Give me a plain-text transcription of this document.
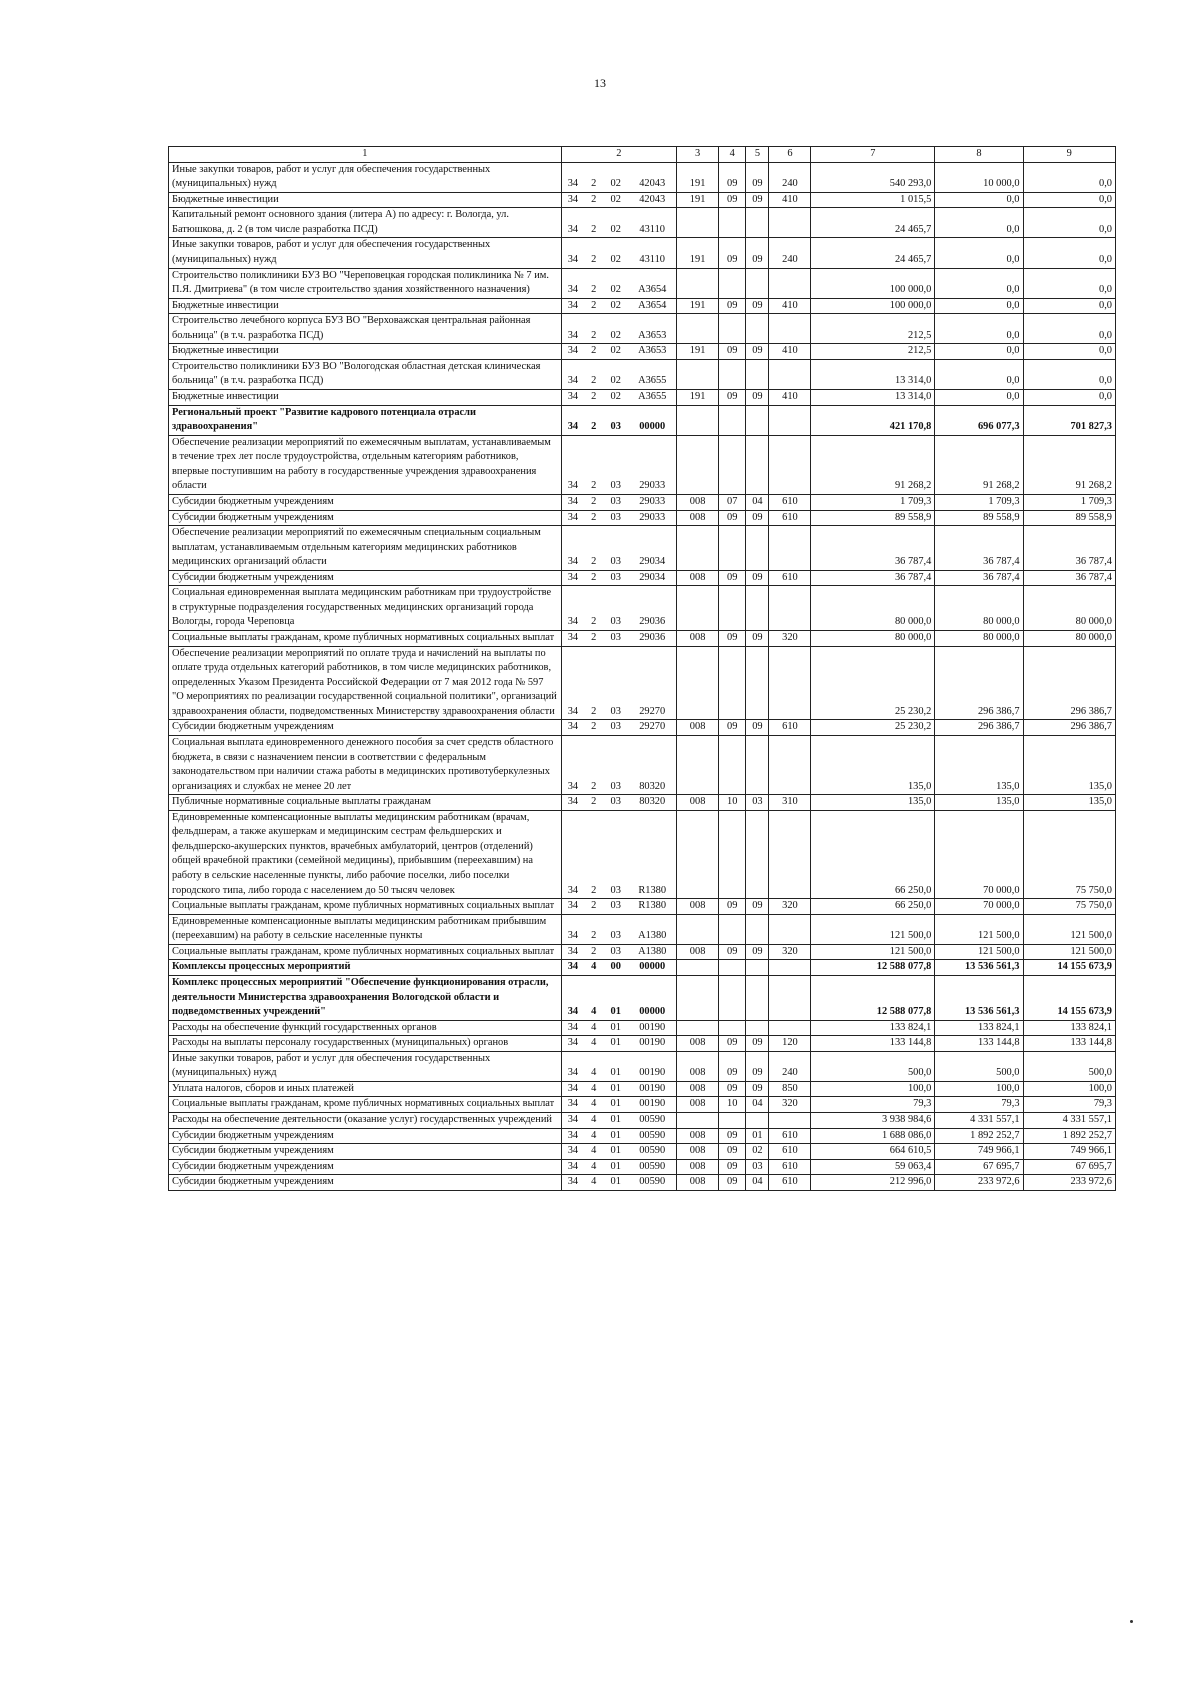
13
1	2				3	4	5	6	7	8	9
Иные закупки товаров, работ и услуг для обеспечения государственных (муниципальных) нужд	34	2	02	42043	191	09	09	240	540 293,0	10 000,0	0,0
Бюджетные инвестиции	34	2	02	42043	191	09	09	410	1 015,5	0,0	0,0
Капитальный ремонт основного здания (литера А) по адресу: г. Вологда, ул. Батюшкова, д. 2 (в том числе разработка ПСД)	34	2	02	43110					24 465,7	0,0	0,0
Иные закупки товаров, работ и услуг для обеспечения государственных (муниципальных) нужд	34	2	02	43110	191	09	09	240	24 465,7	0,0	0,0
Строительство поликлиники БУЗ ВО "Череповецкая городская поликлиника № 7 им. П.Я. Дмитриева" (в том числе строительство здания хозяйственного назначения)	34	2	02	А3654					100 000,0	0,0	0,0
Бюджетные инвестиции	34	2	02	А3654	191	09	09	410	100 000,0	0,0	0,0
Строительство лечебного корпуса БУЗ ВО "Верховажская центральная районная больница" (в т.ч. разработка ПСД)	34	2	02	А3653					212,5	0,0	0,0
Бюджетные инвестиции	34	2	02	А3653	191	09	09	410	212,5	0,0	0,0
Строительство поликлиники БУЗ ВО "Вологодская областная детская клиническая больница" (в т.ч. разработка ПСД)	34	2	02	А3655					13 314,0	0,0	0,0
Бюджетные инвестиции	34	2	02	А3655	191	09	09	410	13 314,0	0,0	0,0
Региональный проект "Развитие кадрового потенциала отрасли здравоохранения"	34	2	03	00000					421 170,8	696 077,3	701 827,3
Обеспечение реализации мероприятий по ежемесячным выплатам, устанавливаемым в течение трех лет после трудоустройства, отдельным категориям работников, впервые поступившим на работу в государственные учреждения здравоохранения области	34	2	03	29033					91 268,2	91 268,2	91 268,2
Субсидии бюджетным учреждениям	34	2	03	29033	008	07	04	610	1 709,3	1 709,3	1 709,3
Субсидии бюджетным учреждениям	34	2	03	29033	008	09	09	610	89 558,9	89 558,9	89 558,9
Обеспечение реализации мероприятий по ежемесячным специальным социальным выплатам, устанавливаемым отдельным категориям медицинских работников медицинских организаций области	34	2	03	29034					36 787,4	36 787,4	36 787,4
Субсидии бюджетным учреждениям	34	2	03	29034	008	09	09	610	36 787,4	36 787,4	36 787,4
Социальная единовременная выплата медицинским работникам при трудоустройстве в структурные подразделения государственных медицинских организаций города Вологды, города Череповца	34	2	03	29036					80 000,0	80 000,0	80 000,0
Социальные выплаты гражданам, кроме публичных нормативных социальных выплат	34	2	03	29036	008	09	09	320	80 000,0	80 000,0	80 000,0
Обеспечение реализации мероприятий по оплате труда и начислений на выплаты по оплате труда отдельных категорий работников, в том числе медицинских работников, определенных Указом Президента Российской Федерации от 7 мая 2012 года № 597 "О мероприятиях по реализации государственной социальной политики", организаций здравоохранения области, подведомственных Министерству здравоохранения области	34	2	03	29270					25 230,2	296 386,7	296 386,7
Субсидии бюджетным учреждениям	34	2	03	29270	008	09	09	610	25 230,2	296 386,7	296 386,7
Социальная выплата единовременного денежного пособия за счет средств областного бюджета, в связи с назначением пенсии в соответствии с федеральным законодательством при наличии стажа работы в медицинских противотуберкулезных организациях и службах не менее 20 лет	34	2	03	80320					135,0	135,0	135,0
Публичные нормативные социальные выплаты гражданам	34	2	03	80320	008	10	03	310	135,0	135,0	135,0
Единовременные компенсационные выплаты медицинским работникам (врачам, фельдшерам, а также акушеркам и медицинским сестрам фельдшерских и фельдшерско-акушерских пунктов, врачебных амбулаторий, центров (отделений) общей врачебной практики (семейной медицины), прибывшим (переехавшим) на работу в сельские населенные пункты, либо рабочие поселки, либо поселки городского типа, либо города с населением до 50 тысяч человек	34	2	03	R1380					66 250,0	70 000,0	75 750,0
Социальные выплаты гражданам, кроме публичных нормативных социальных выплат	34	2	03	R1380	008	09	09	320	66 250,0	70 000,0	75 750,0
Единовременные компенсационные выплаты медицинским работникам прибывшим (переехавшим) на работу в сельские населенные пункты	34	2	03	А1380					121 500,0	121 500,0	121 500,0
Социальные выплаты гражданам, кроме публичных нормативных социальных выплат	34	2	03	А1380	008	09	09	320	121 500,0	121 500,0	121 500,0
Комплексы процессных мероприятий	34	4	00	00000					12 588 077,8	13 536 561,3	14 155 673,9
Комплекс процессных мероприятий "Обеспечение функционирования отрасли, деятельности Министерства здравоохранения Вологодской области и подведомственных учреждений"	34	4	01	00000					12 588 077,8	13 536 561,3	14 155 673,9
Расходы на обеспечение функций государственных органов	34	4	01	00190					133 824,1	133 824,1	133 824,1
Расходы на выплаты персоналу государственных (муниципальных) органов	34	4	01	00190	008	09	09	120	133 144,8	133 144,8	133 144,8
Иные закупки товаров, работ и услуг для обеспечения государственных (муниципальных) нужд	34	4	01	00190	008	09	09	240	500,0	500,0	500,0
Уплата налогов, сборов и иных платежей	34	4	01	00190	008	09	09	850	100,0	100,0	100,0
Социальные выплаты гражданам, кроме публичных нормативных социальных выплат	34	4	01	00190	008	10	04	320	79,3	79,3	79,3
Расходы на обеспечение деятельности (оказание услуг) государственных учреждений	34	4	01	00590					3 938 984,6	4 331 557,1	4 331 557,1
Субсидии бюджетным учреждениям	34	4	01	00590	008	09	01	610	1 688 086,0	1 892 252,7	1 892 252,7
Субсидии бюджетным учреждениям	34	4	01	00590	008	09	02	610	664 610,5	749 966,1	749 966,1
Субсидии бюджетным учреждениям	34	4	01	00590	008	09	03	610	59 063,4	67 695,7	67 695,7
Субсидии бюджетным учреждениям	34	4	01	00590	008	09	04	610	212 996,0	233 972,6	233 972,6
